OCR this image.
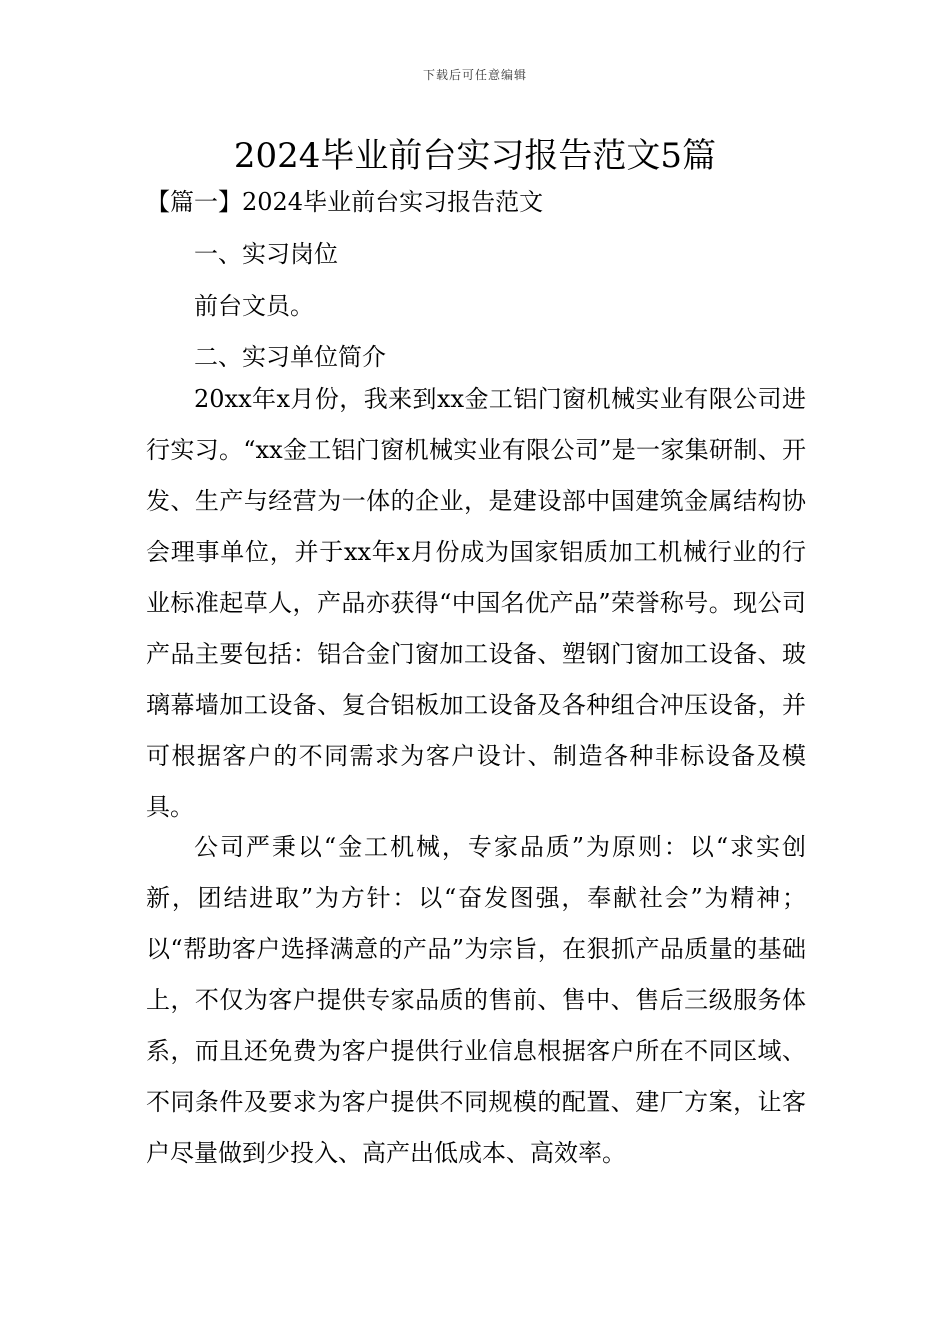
下载后可任意编辑
2024毕业前台实习报告范文5篇
【篇一】2024毕业前台实习报告范文
一、实习岗位
前台文员。
二、实习单位简介

20xx年x月份，我来到xx金工铝门窗机械实业有限公司进行实习。“xx金工铝门窗机械实业有限公司”是一家集研制、开发、生产与经营为一体的企业，是建设部中国建筑金属结构协会理事单位，并于xx年x月份成为国家铝质加工机械行业的行业标准起草人，产品亦获得“中国名优产品”荣誉称号。现公司产品主要包括：铝合金门窗加工设备、塑钢门窗加工设备、玻璃幕墙加工设备、复合铝板加工设备及各种组合冲压设备，并可根据客户的不同需求为客户设计、制造各种非标设备及模具。

公司严秉以“金工机械，专家品质”为原则：以“求实创新，团结进取”为方针：以“奋发图强，奉献社会”为精神；以“帮助客户选择满意的产品”为宗旨，在狠抓产品质量的基础上，不仅为客户提供专家品质的售前、售中、售后三级服务体系，而且还免费为客户提供行业信息根据客户所在不同区域、不同条件及要求为客户提供不同规模的配置、建厂方案，让客户尽量做到少投入、高产出低成本、高效率。
